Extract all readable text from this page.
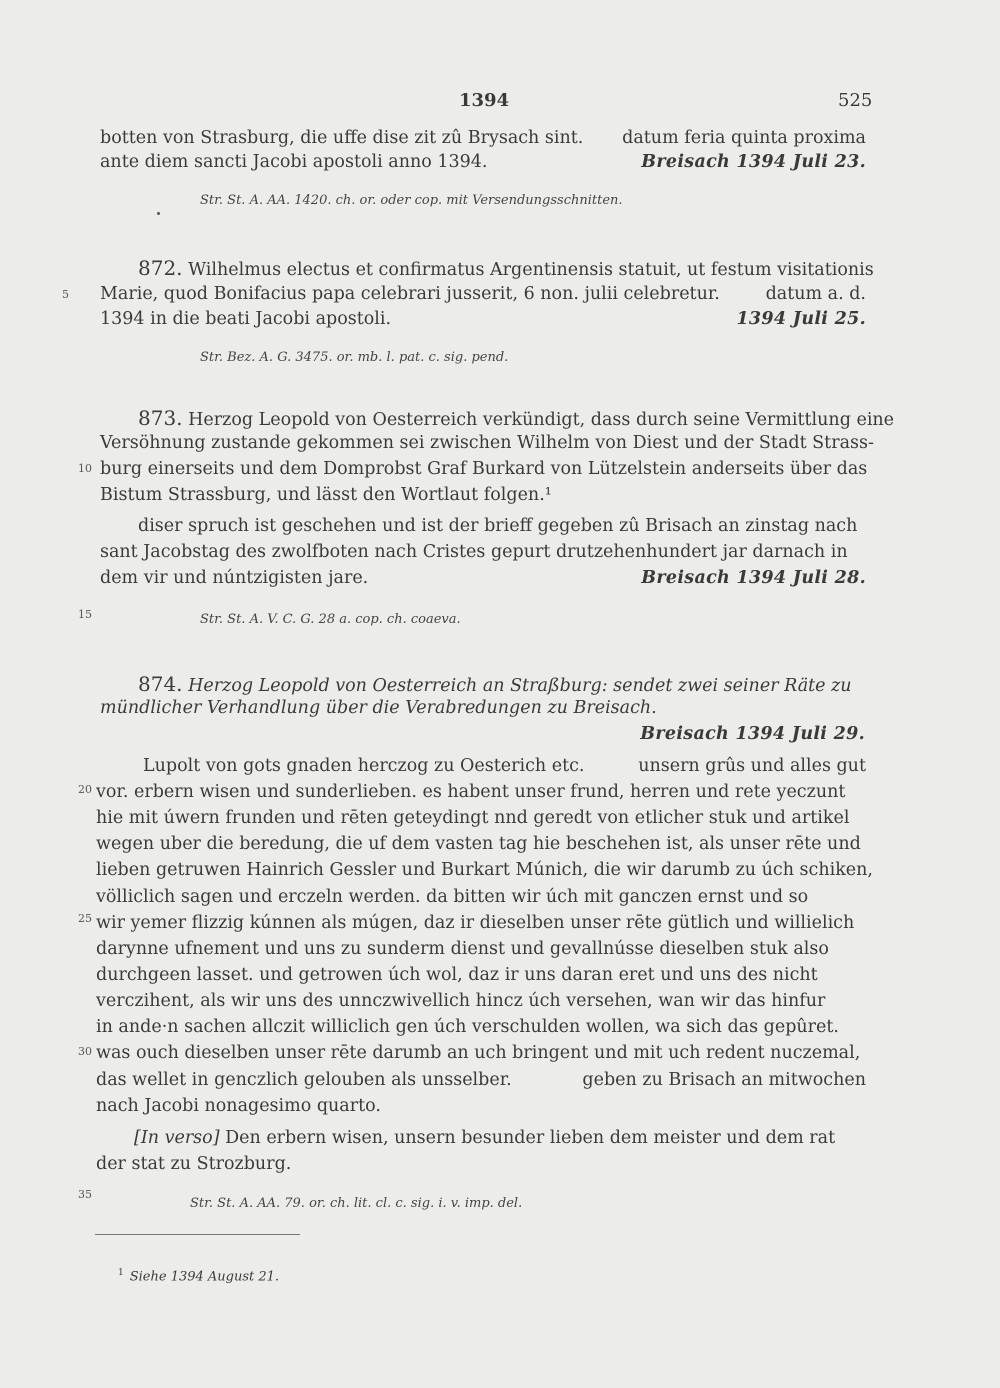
1394	525
botten von Strasburg, die uffe dise zit zû Brysach sint. datum feria quinta proxima
ante diem sancti Jacobi apostoli anno 1394.	Breisach 1394 Juli 23.
Str. St. A. AA. 1420. ch. or. oder cop. mit Versendungsschnitten.
872. Wilhelmus electus et confirmatus Argentinensis statuit, ut festum visitationis
Marie, quod Bonifacius papa celebrari jusserit, 6 non. julii celebretur.	datum a. d.
1394 in die beati Jacobi apostoli.	1394 Juli 25.
Str. Bez. A. G. 3475. or. mb. l. pat. c. sig. pend.
873. Herzog Leopold von Oesterreich verkündigt, dass durch seine Vermittlung eine
Versöhnung zustande gekommen sei zwischen Wilhelm von Diest und der Stadt Strass-
burg einerseits und dem Domprobst Graf Burkard von Lützelstein anderseits über das
Bistum Strassburg, und lässt den Wortlaut folgen.¹
diser spruch ist geschehen und ist der brieff gegeben zû Brisach an zinstag nach
sant Jacobstag des zwolfboten nach Cristes gepurt drutzehenhundert jar darnach in
dem vir und núntzigisten jare.	Breisach 1394 Juli 28.
Str. St. A. V. C. G. 28 a. cop. ch. coaeva.
874. Herzog Leopold von Oesterreich an Straßburg: sendet zwei seiner Räte zu
mündlicher Verhandlung über die Verabredungen zu Breisach.
Breisach 1394 Juli 29.
Lupolt von gots gnaden herczog zu Oesterich etc.	unsern grûs und alles gut
vor. erbern wisen und sunderlieben. es habent unser frund, herren und rete yeczunt
hie mit úwern frunden und rēten geteydingt nnd geredt von etlicher stuk und artikel
wegen uber die beredung, die uf dem vasten tag hie beschehen ist, als unser rēte und
lieben getruwen Hainrich Gessler und Burkart Múnich, die wir darumb zu úch schiken,
völliclich sagen und erczeln werden. da bitten wir úch mit ganczen ernst und so
wir yemer flizzig kúnnen als múgen, daz ir dieselben unser rēte gütlich und willielich
darynne ufnement und uns zu sunderm dienst und gevallnússe dieselben stuk also
durchgeen lasset. und getrowen úch wol, daz ir uns daran eret und uns des nicht
verczihent, als wir uns des unnczwivellich hincz úch versehen, wan wir das hinfur
in ande·n sachen allczit williclich gen úch verschulden wollen, wa sich das gepûret.
was ouch dieselben unser rēte darumb an uch bringent und mit uch redent nuczemal,
das wellet in genczlich gelouben als unsselber.	geben zu Brisach an mitwochen
nach Jacobi nonagesimo quarto.
[In verso] Den erbern wisen, unsern besunder lieben dem meister und dem rat
der stat zu Strozburg.
Str. St. A. AA. 79. or. ch. lit. cl. c. sig. i. v. imp. del.
5
10
15
20
25
30
35
$^1$ Siehe 1394 August 21.
